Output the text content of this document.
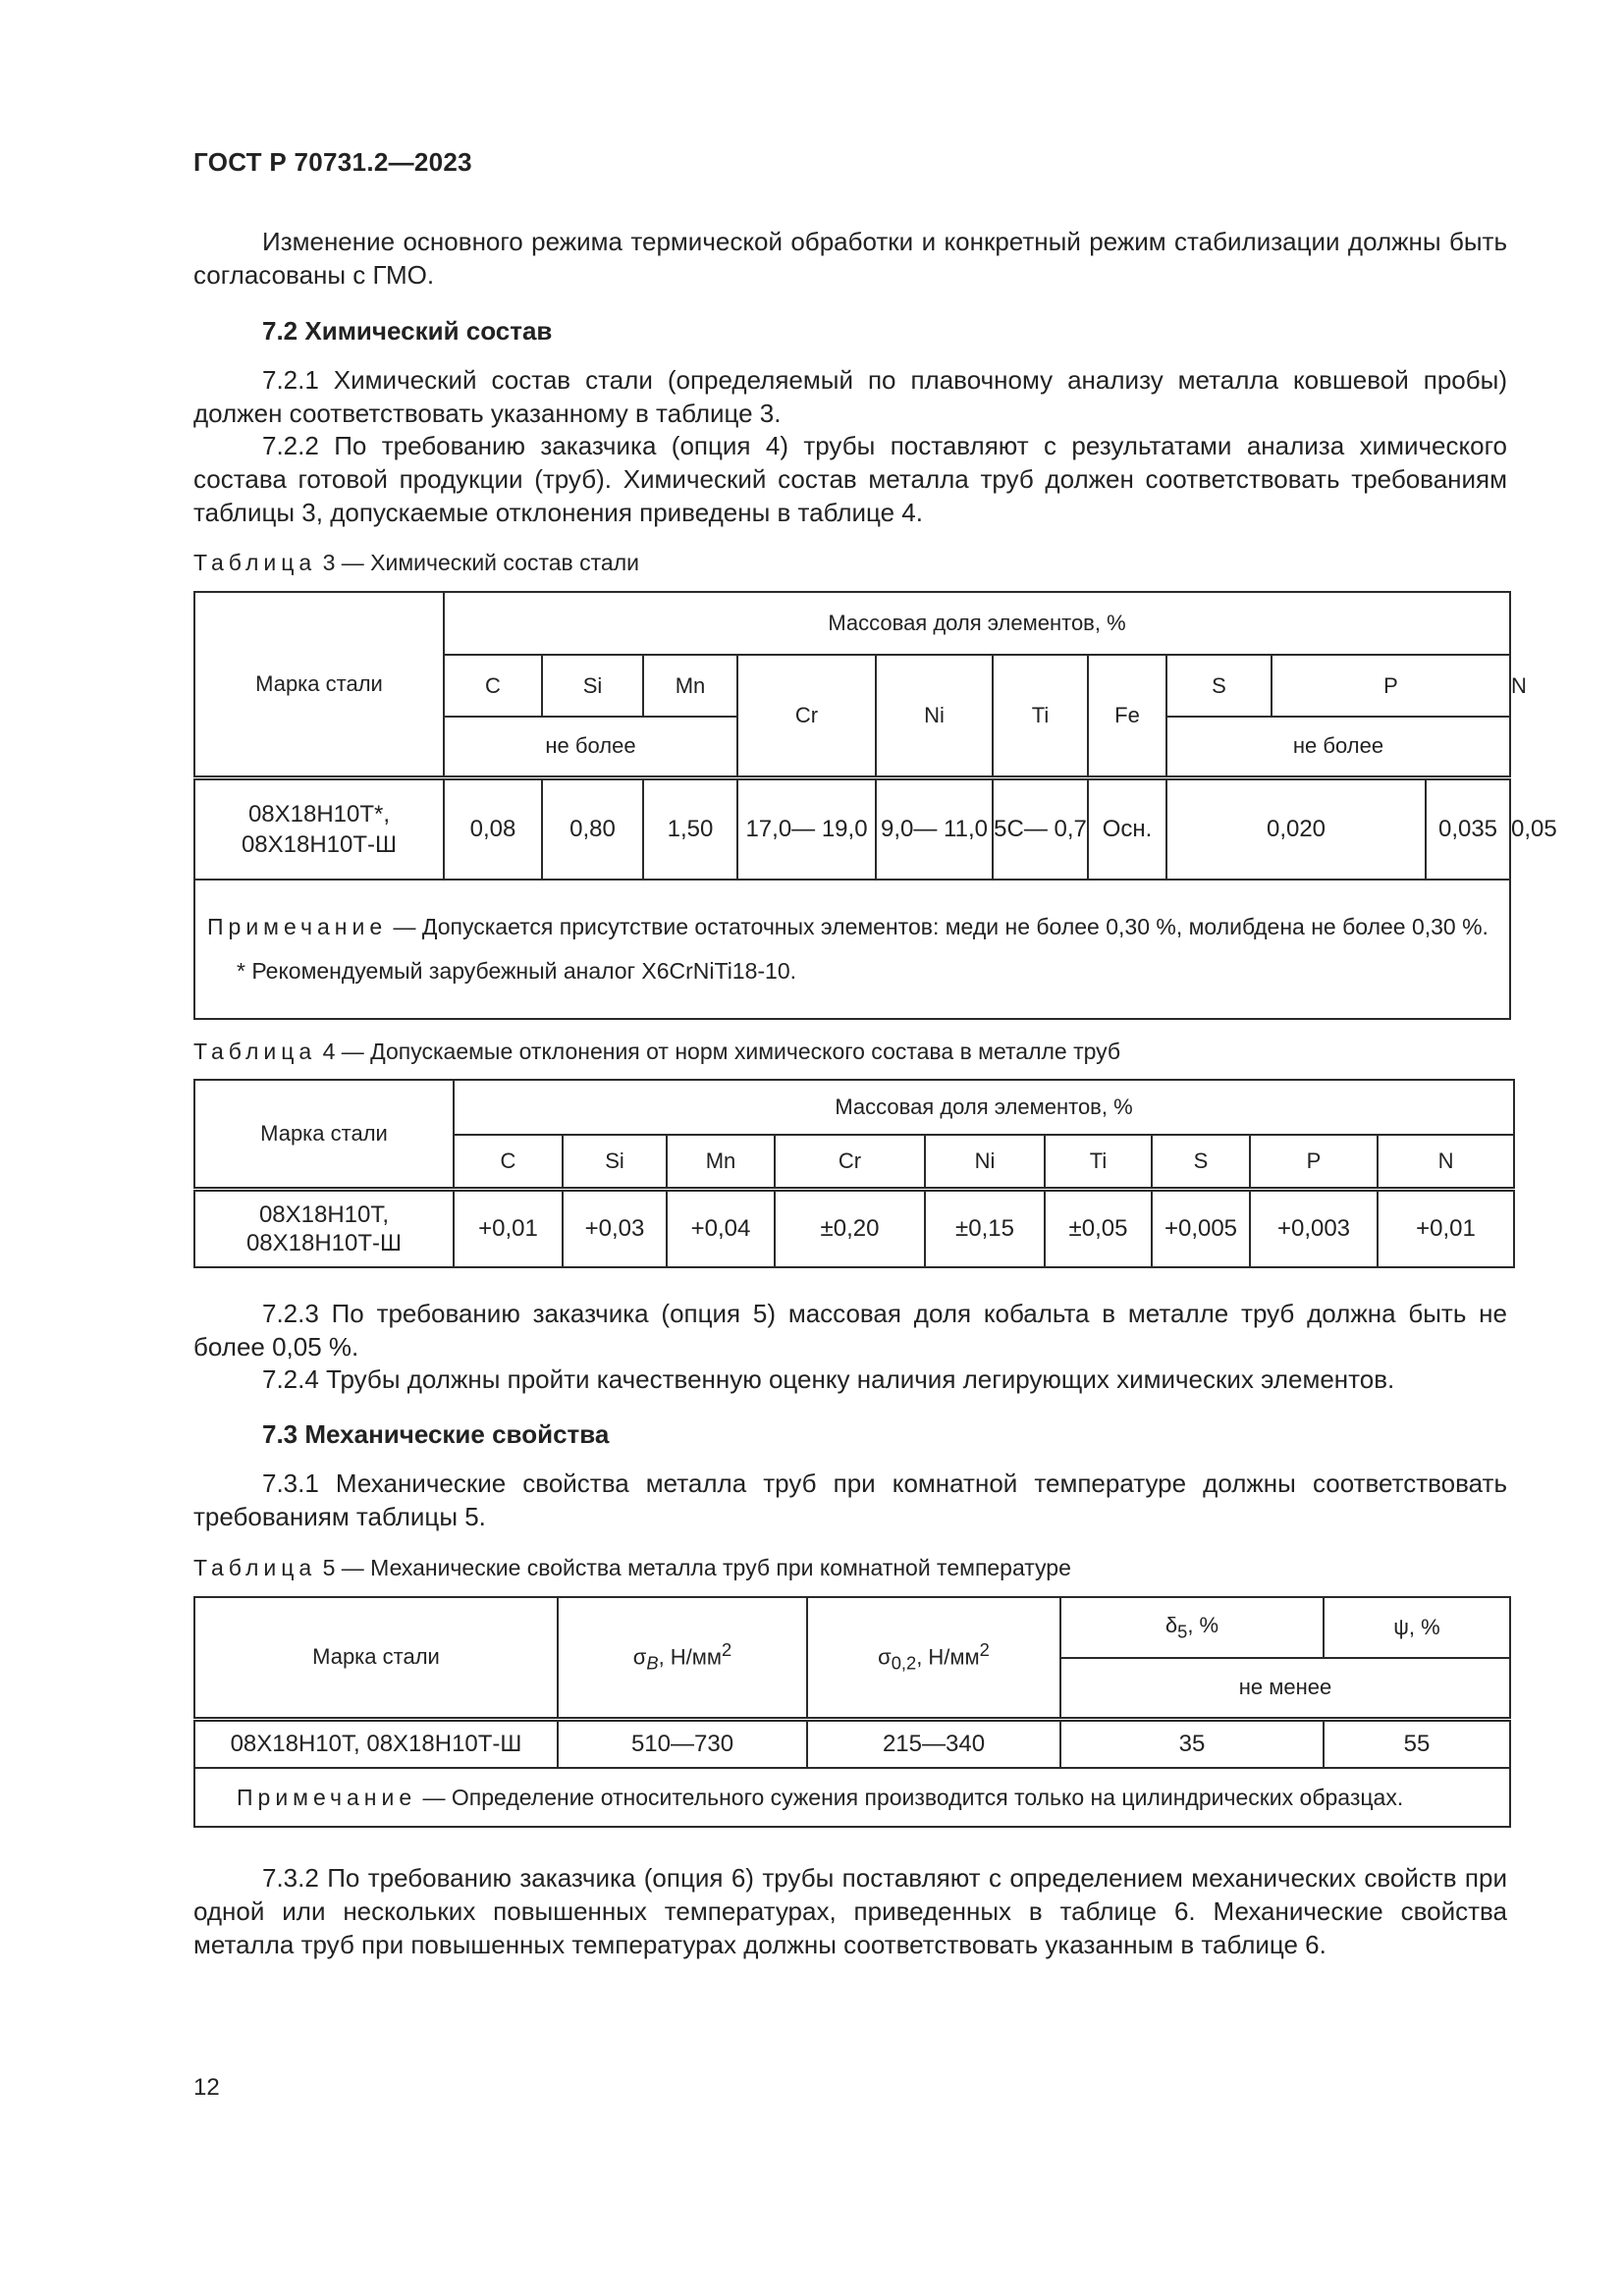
ГОСТ Р 70731.2—2023
Изменение основного режима термической обработки и конкретный режим стабилизации должны быть согласованы с ГМО.
7.2 Химический состав
7.2.1 Химический состав стали (определяемый по плавочному анализу металла ковшевой пробы) должен соответствовать указанному в таблице 3.
7.2.2 По требованию заказчика (опция 4) трубы поставляют с результатами анализа химического состава готовой продукции (труб). Химический состав металла труб должен соответствовать требованиям таблицы 3, допускаемые отклонения приведены в таблице 4.
Таблица 3 — Химический состав стали
Марка стали	Массовая доля элементов, %										
	C	Si	Mn	Cr	Ni	Ti	Fe	S	P		N
	не более							не более			
08Х18Н10Т*, 08Х18Н10Т-Ш	0,08	0,80	1,50	17,0— 19,0	9,0— 11,0	5С— 0,7	Осн.	0,020		0,035	0,05
Примечание — Допускается присутствие остаточных элементов: меди не более 0,30 %, молибдена не более 0,30 %.
* Рекомендуемый зарубежный аналог X6CrNiTi18-10.											
Таблица 4 — Допускаемые отклонения от норм химического состава в металле труб
Марка стали	Массовая доля элементов, %								
	C	Si	Mn	Cr	Ni	Ti	S	P	N
08Х18Н10Т, 08Х18Н10Т-Ш	+0,01	+0,03	+0,04	±0,20	±0,15	±0,05	+0,005	+0,003	+0,01
7.2.3 По требованию заказчика (опция 5) массовая доля кобальта в металле труб должна быть не более 0,05 %.
7.2.4 Трубы должны пройти качественную оценку наличия легирующих химических элементов.
7.3 Механические свойства
7.3.1 Механические свойства металла труб при комнатной температуре должны соответствовать требованиям таблицы 5.
Таблица 5 — Механические свойства металла труб при комнатной температуре
Марка стали	$\sigma_В$, $Н/мм^2$	$\sigma_{0,2}$, $Н/мм^2$	$\delta_5$, %	ψ, %
			не менее	
08Х18Н10Т, 08Х18Н10Т-Ш	510—730	215—340	35	55
Примечание — Определение относительного сужения производится только на цилиндрических образцах.				
7.3.2 По требованию заказчика (опция 6) трубы поставляют с определением механических свойств при одной или нескольких повышенных температурах, приведенных в таблице 6. Механические свойства металла труб при повышенных температурах должны соответствовать указанным в таблице 6.
12
